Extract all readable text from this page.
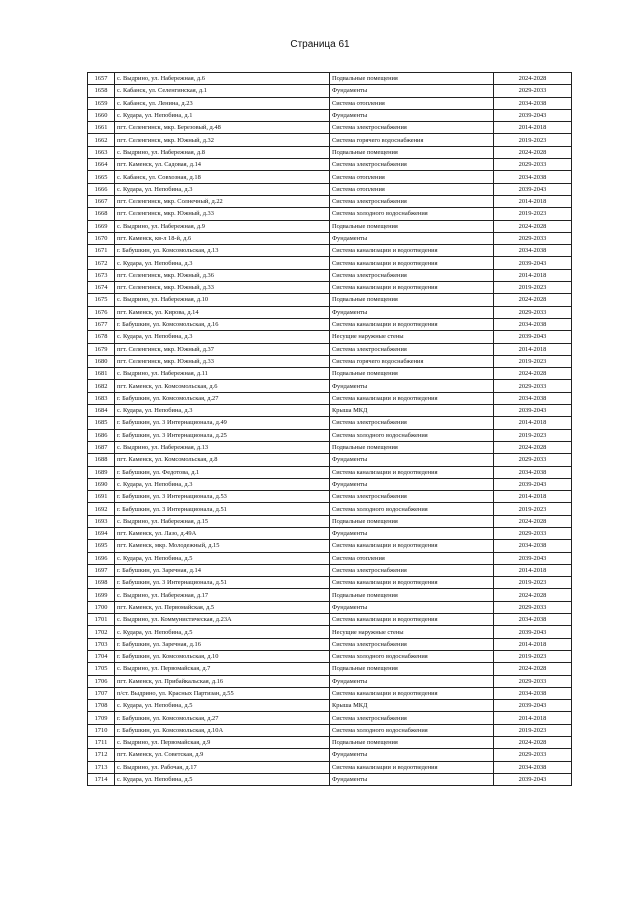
Страница 61
1657	с. Выдрино, ул. Набережная, д.6	Подвальные помещения	2024-2028
1658	с. Кабанск, ул. Селенгинская, д.1	Фундаменты	2029-2033
1659	с. Кабанск, ул. Ленина, д.23	Система отопления	2034-2038
1660	с. Кудара, ул. Непобина, д.1	Фундаменты	2039-2043
1661	пгт. Селенгинск, мкр. Березовый, д.48	Система электроснабжения	2014-2018
1662	пгт. Селенгинск, мкр. Южный, д.32	Система горячего водоснабжения	2019-2023
1663	с. Выдрино, ул. Набережная, д.8	Подвальные помещения	2024-2028
1664	пгт. Каменск, ул. Садовая, д.14	Система электроснабжения	2029-2033
1665	с. Кабанск, ул. Совхозная, д.18	Система отопления	2034-2038
1666	с. Кудара, ул. Непобина, д.3	Система отопления	2039-2043
1667	пгт. Селенгинск, мкр. Солнечный, д.22	Система электроснабжения	2014-2018
1668	пгт. Селенгинск, мкр. Южный, д.33	Система холодного водоснабжения	2019-2023
1669	с. Выдрино, ул. Набережная, д.9	Подвальные помещения	2024-2028
1670	пгт. Каменск, кв-л 18-й, д.6	Фундаменты	2029-2033
1671	г. Бабушкин, ул. Комсомольская, д.13	Система канализации и водоотведения	2034-2038
1672	с. Кудара, ул. Непобина, д.3	Система канализации и водоотведения	2039-2043
1673	пгт. Селенгинск, мкр. Южный, д.36	Система электроснабжения	2014-2018
1674	пгт. Селенгинск, мкр. Южный, д.33	Система канализации и водоотведения	2019-2023
1675	с. Выдрино, ул. Набережная, д.10	Подвальные помещения	2024-2028
1676	пгт. Каменск, ул. Кирова, д.14	Фундаменты	2029-2033
1677	г. Бабушкин, ул. Комсомольская, д.16	Система канализации и водоотведения	2034-2038
1678	с. Кудара, ул. Непобина, д.3	Несущие наружные стены	2039-2043
1679	пгт. Селенгинск, мкр. Южный, д.37	Система электроснабжения	2014-2018
1680	пгт. Селенгинск, мкр. Южный, д.33	Система горячего водоснабжения	2019-2023
1681	с. Выдрино, ул. Набережная, д.11	Подвальные помещения	2024-2028
1682	пгт. Каменск, ул. Комсомольская, д.6	Фундаменты	2029-2033
1683	г. Бабушкин, ул. Комсомольская, д.27	Система канализации и водоотведения	2034-2038
1684	с. Кудара, ул. Непобина, д.3	Крыша МКД	2039-2043
1685	г. Бабушкин, ул. 3 Интернационала, д.49	Система электроснабжения	2014-2018
1686	г. Бабушкин, ул. 3 Интернационала, д.25	Система холодного водоснабжения	2019-2023
1687	с. Выдрино, ул. Набережная, д.13	Подвальные помещения	2024-2028
1688	пгт. Каменск, ул. Комсомольская, д.8	Фундаменты	2029-2033
1689	г. Бабушкин, ул. Федотова, д.1	Система канализации и водоотведения	2034-2038
1690	с. Кудара, ул. Непобина, д.3	Фундаменты	2039-2043
1691	г. Бабушкин, ул. 3 Интернационала, д.53	Система электроснабжения	2014-2018
1692	г. Бабушкин, ул. 3 Интернационала, д.51	Система холодного водоснабжения	2019-2023
1693	с. Выдрино, ул. Набережная, д.15	Подвальные помещения	2024-2028
1694	пгт. Каменск, ул. Лазо, д.49А	Фундаменты	2029-2033
1695	пгт. Каменск, мкр. Молодежный, д.15	Система канализации и водоотведения	2034-2038
1696	с. Кудара, ул. Непобина, д.5	Система отопления	2039-2043
1697	г. Бабушкин, ул. Заречная, д.14	Система электроснабжения	2014-2018
1698	г. Бабушкин, ул. 3 Интернационала, д.51	Система канализации и водоотведения	2019-2023
1699	с. Выдрино, ул. Набережная, д.17	Подвальные помещения	2024-2028
1700	пгт. Каменск, ул. Первомайская, д.5	Фундаменты	2029-2033
1701	с. Выдрино, ул. Коммунистическая, д.23А	Система канализации и водоотведения	2034-2038
1702	с. Кудара, ул. Непобина, д.5	Несущие наружные стены	2039-2043
1703	г. Бабушкин, ул. Заречная, д.16	Система электроснабжения	2014-2018
1704	г. Бабушкин, ул. Комсомольская, д.10	Система холодного водоснабжения	2019-2023
1705	с. Выдрино, ул. Первомайская, д.7	Подвальные помещения	2024-2028
1706	пгт. Каменск, ул. Прибайкальская, д.16	Фундаменты	2029-2033
1707	п/ст. Выдрино, ул. Красных Партизан, д.55	Система канализации и водоотведения	2034-2038
1708	с. Кудара, ул. Непобина, д.5	Крыша МКД	2039-2043
1709	г. Бабушкин, ул. Комсомольская, д.27	Система электроснабжения	2014-2018
1710	г. Бабушкин, ул. Комсомольская, д.10А	Система холодного водоснабжения	2019-2023
1711	с. Выдрино, ул. Первомайская, д.9	Подвальные помещения	2024-2028
1712	пгт. Каменск, ул. Советская, д.9	Фундаменты	2029-2033
1713	с. Выдрино, ул. Рабочая, д.17	Система канализации и водоотведения	2034-2038
1714	с. Кудара, ул. Непобина, д.5	Фундаменты	2039-2043
